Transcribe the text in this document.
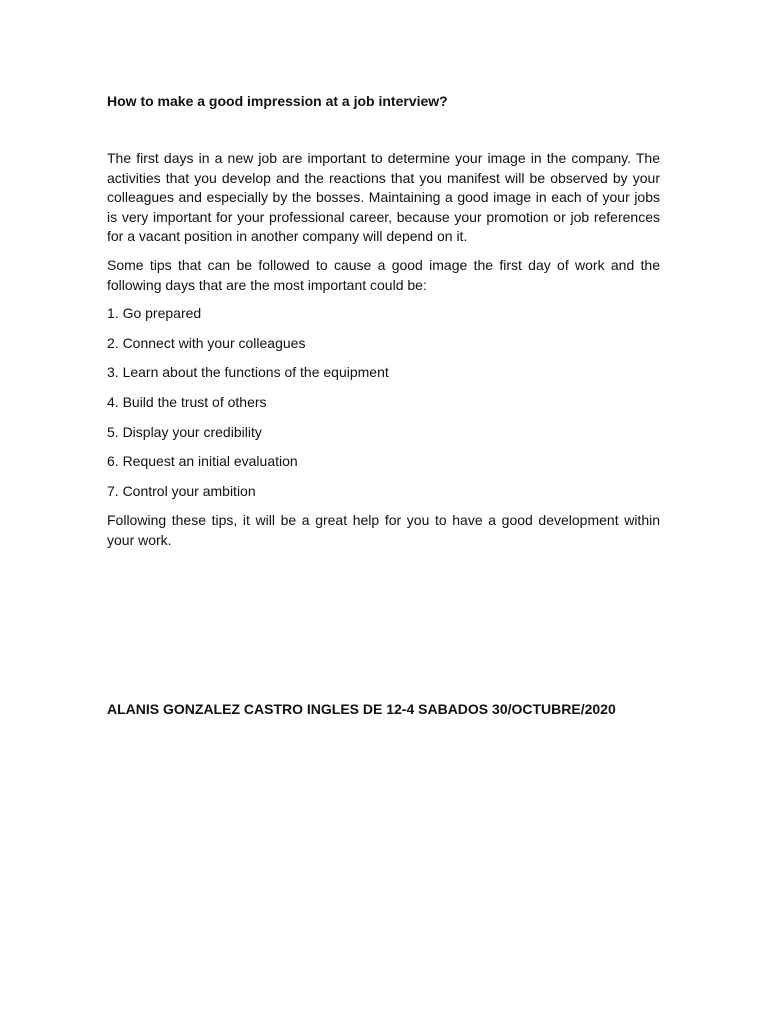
How to make a good impression at a job interview?

The first days in a new job are important to determine your image in the company. The activities that you develop and the reactions that you manifest will be observed by your colleagues and especially by the bosses. Maintaining a good image in each of your jobs is very important for your professional career, because your promotion or job references for a vacant position in another company will depend on it.

Some tips that can be followed to cause a good image the first day of work and the following days that are the most important could be:

1. Go prepared
2. Connect with your colleagues
3. Learn about the functions of the equipment
4. Build the trust of others
5. Display your credibility
6. Request an initial evaluation
7. Control your ambition

Following these tips, it will be a great help for you to have a good development within your work.

ALANIS GONZALEZ CASTRO INGLES DE 12-4 SABADOS 30/OCTUBRE/2020
